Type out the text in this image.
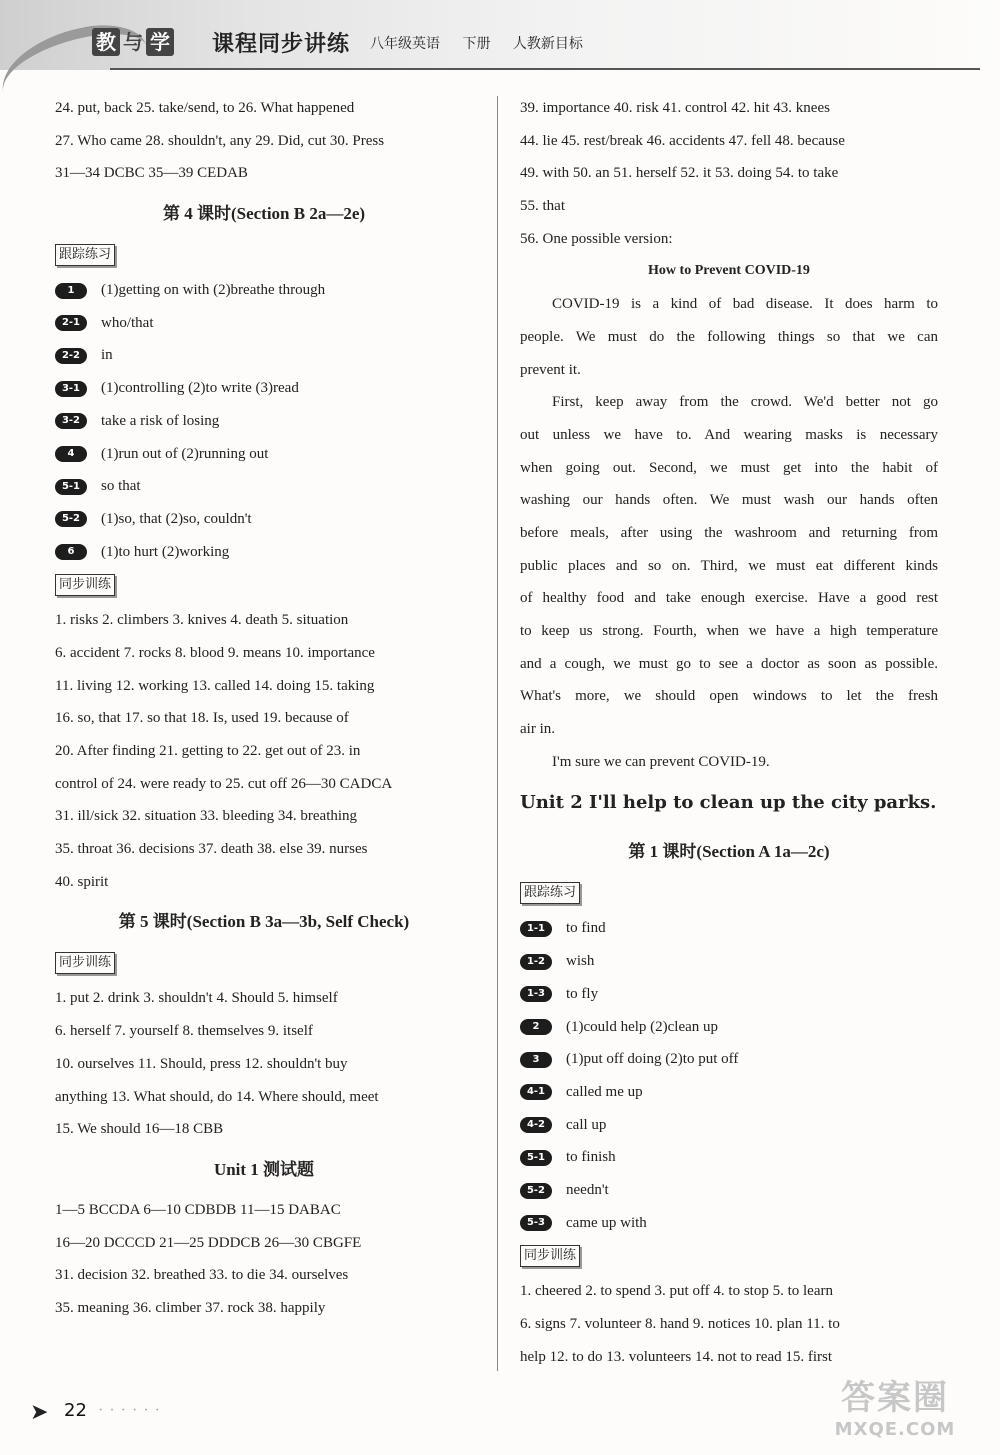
教 与 学 课程同步讲练 八年级英语 下册 人教新目标
24. put, back 25. take/send, to 26. What happened
27. Who came 28. shouldn't, any 29. Did, cut 30. Press
31—34 DCBC 35—39 CEDAB
第 4 课时(Section B 2a—2e)
跟踪练习
1 (1)getting on with (2)breathe through
2-1 who/that
2-2 in
3-1 (1)controlling (2)to write (3)read
3-2 take a risk of losing
4 (1)run out of (2)running out
5-1 so that
5-2 (1)so, that (2)so, couldn't
6 (1)to hurt (2)working
同步训练
1. risks 2. climbers 3. knives 4. death 5. situation
6. accident 7. rocks 8. blood 9. means 10. importance
11. living 12. working 13. called 14. doing 15. taking
16. so, that 17. so that 18. Is, used 19. because of
20. After finding 21. getting to 22. get out of 23. in
control of 24. were ready to 25. cut off 26—30 CADCA
31. ill/sick 32. situation 33. bleeding 34. breathing
35. throat 36. decisions 37. death 38. else 39. nurses
40. spirit
第 5 课时(Section B 3a—3b, Self Check)
同步训练
1. put 2. drink 3. shouldn't 4. Should 5. himself
6. herself 7. yourself 8. themselves 9. itself
10. ourselves 11. Should, press 12. shouldn't buy
anything 13. What should, do 14. Where should, meet
15. We should 16—18 CBB
Unit 1 测试题
1—5 BCCDA 6—10 CDBDB 11—15 DABAC
16—20 DCCCD 21—25 DDDCB 26—30 CBGFE
31. decision 32. breathed 33. to die 34. ourselves
35. meaning 36. climber 37. rock 38. happily
39. importance 40. risk 41. control 42. hit 43. knees
44. lie 45. rest/break 46. accidents 47. fell 48. because
49. with 50. an 51. herself 52. it 53. doing 54. to take
55. that
56. One possible version:
How to Prevent COVID-19
COVID-19 is a kind of bad disease. It does harm to
people. We must do the following things so that we can
prevent it.
First, keep away from the crowd. We'd better not go
out unless we have to. And wearing masks is necessary
when going out. Second, we must get into the habit of
washing our hands often. We must wash our hands often
before meals, after using the washroom and returning from
public places and so on. Third, we must eat different kinds
of healthy food and take enough exercise. Have a good rest
to keep us strong. Fourth, when we have a high temperature
and a cough, we must go to see a doctor as soon as possible.
What's more, we should open windows to let the fresh
air in.
I'm sure we can prevent COVID-19.
Unit 2 I'll help to clean up the city parks.
第 1 课时(Section A 1a—2c)
跟踪练习
1-1 to find
1-2 wish
1-3 to fly
2 (1)could help (2)clean up
3 (1)put off doing (2)to put off
4-1 called me up
4-2 call up
5-1 to finish
5-2 needn't
5-3 came up with
同步训练
1. cheered 2. to spend 3. put off 4. to stop 5. to learn
6. signs 7. volunteer 8. hand 9. notices 10. plan 11. to
help 12. to do 13. volunteers 14. not to read 15. first
➤ 22 ······	答案圈
MXQE.COM
